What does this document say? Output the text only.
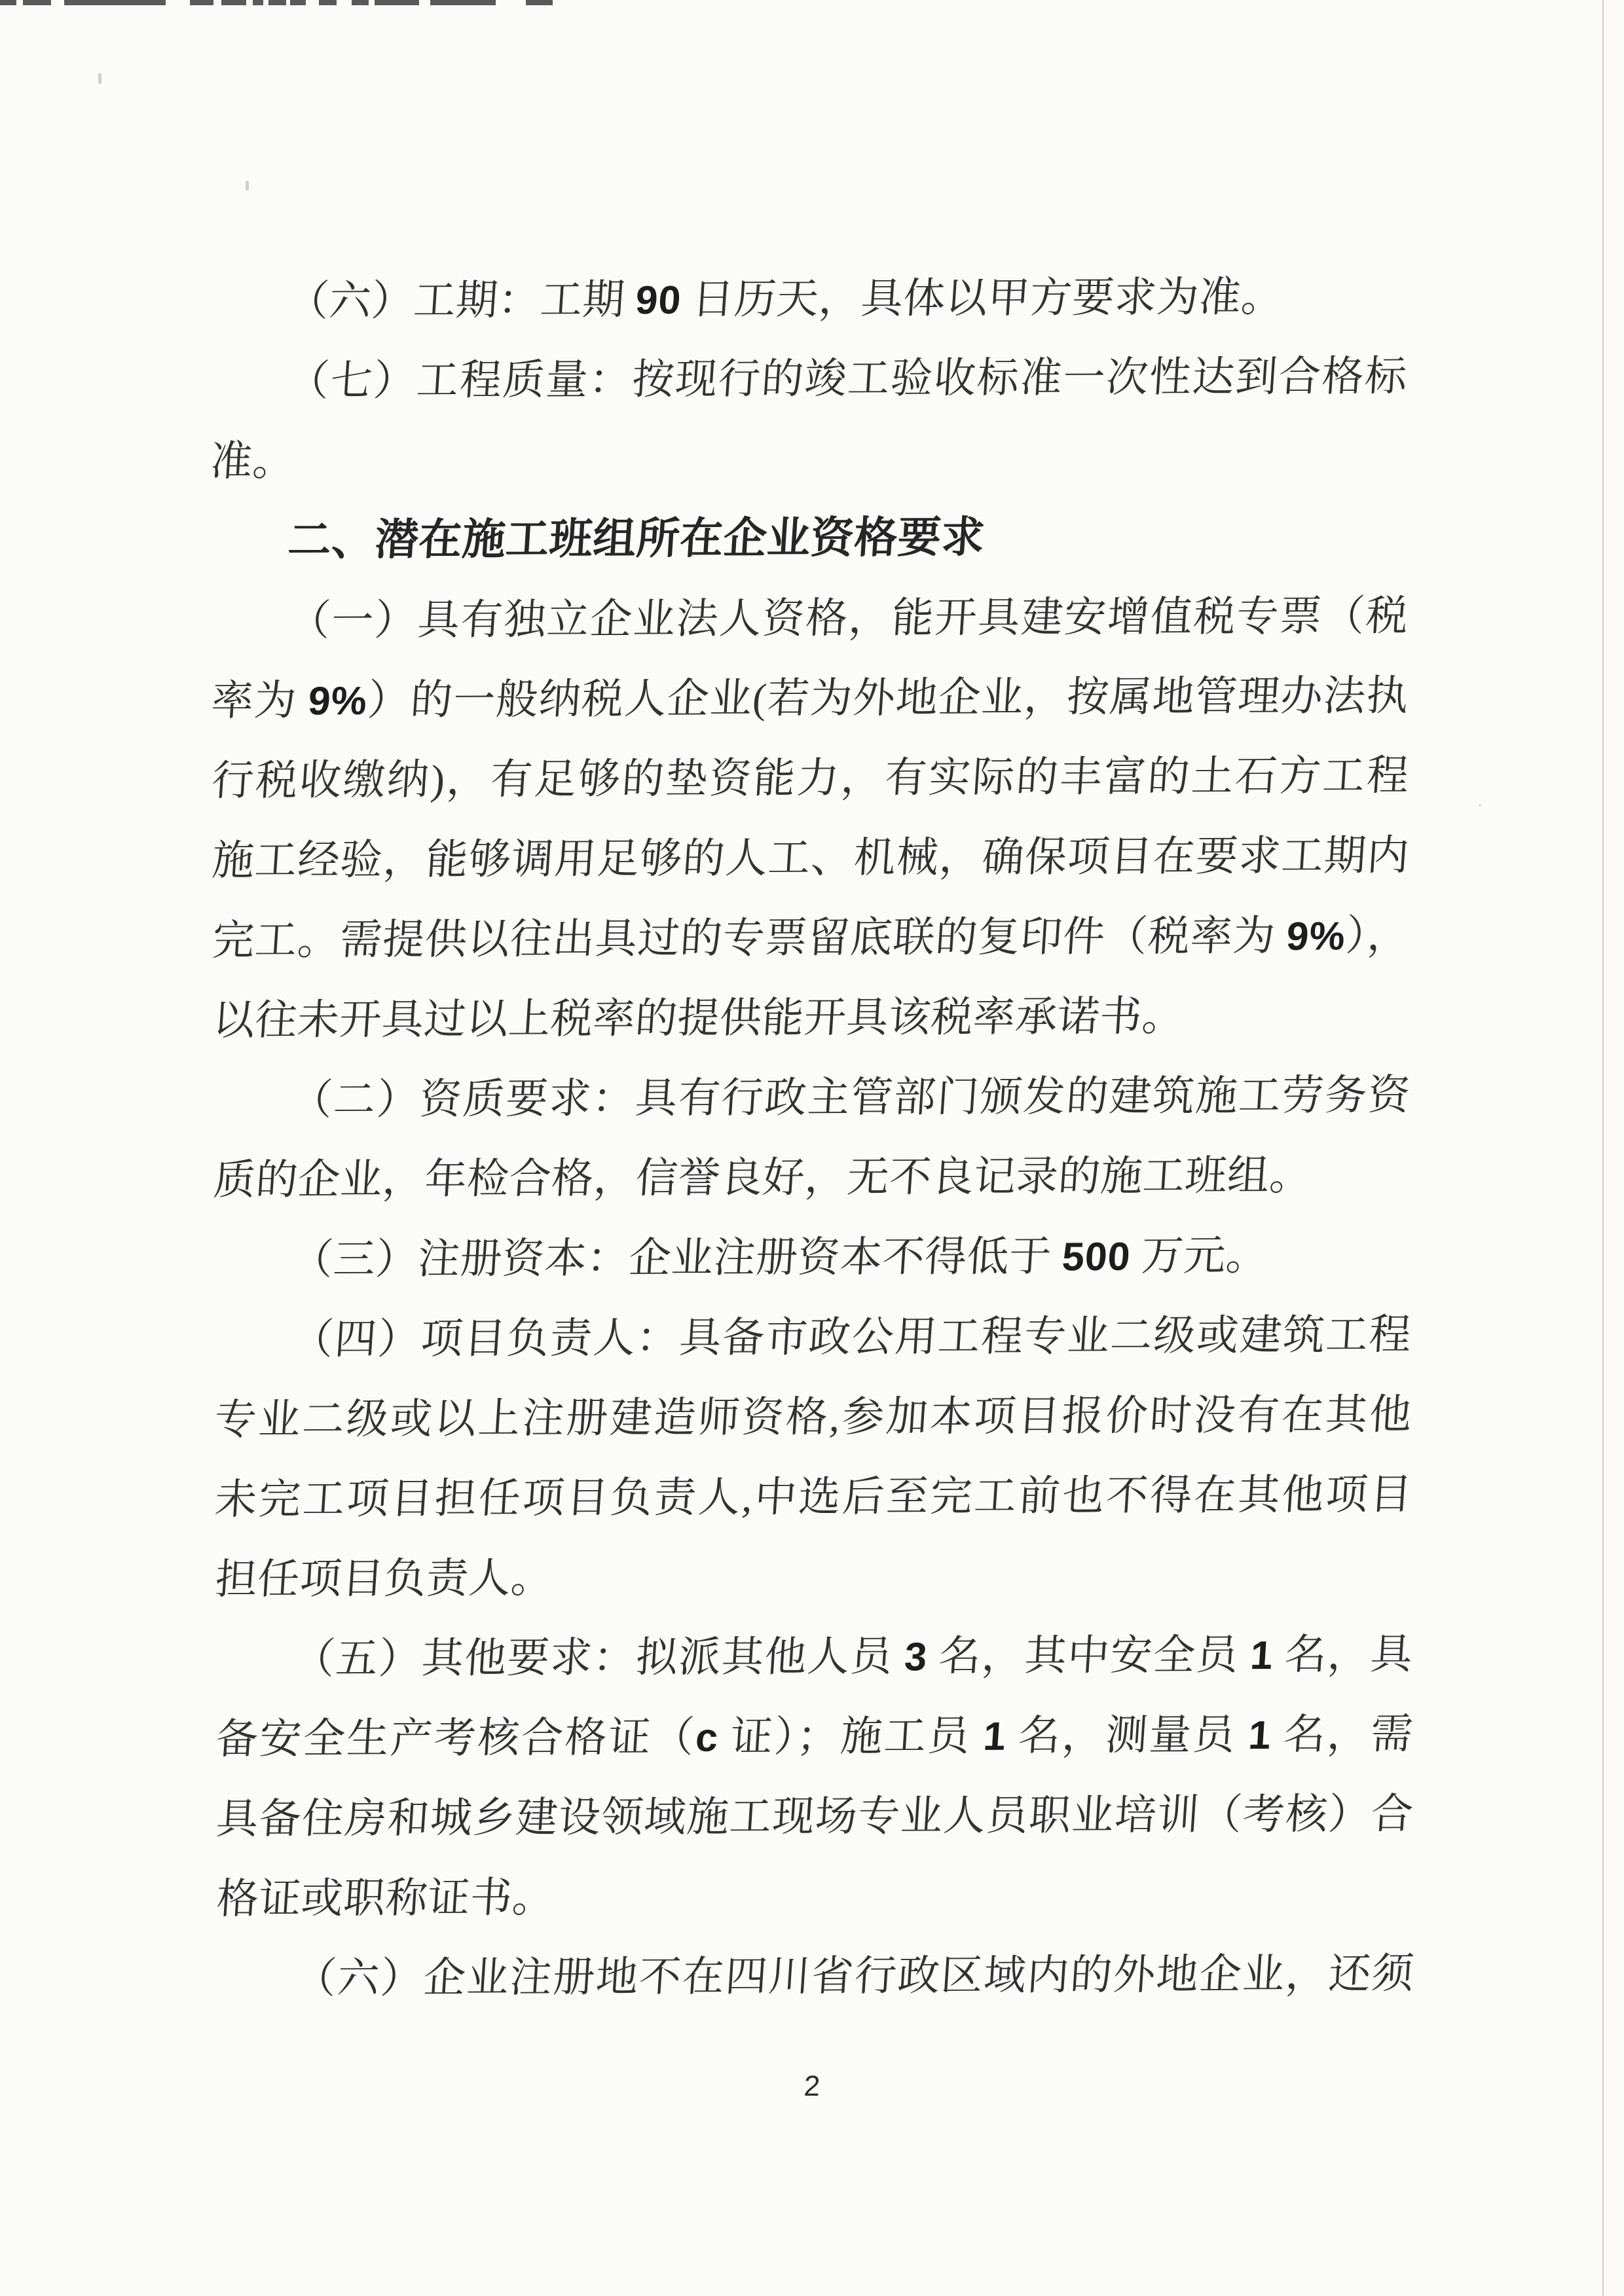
（六）工期：工期 90 日历天，具体以甲方要求为准。
（七）工程质量：按现行的竣工验收标准一次性达到合格标
准。
二、潜在施工班组所在企业资格要求
（一）具有独立企业法人资格，能开具建安增值税专票（税
率为 9%）的一般纳税人企业(若为外地企业，按属地管理办法执
行税收缴纳)，有足够的垫资能力，有实际的丰富的土石方工程
施工经验，能够调用足够的人工、机械，确保项目在要求工期内
完工。需提供以往出具过的专票留底联的复印件（税率为 9%），
以往未开具过以上税率的提供能开具该税率承诺书。
（二）资质要求：具有行政主管部门颁发的建筑施工劳务资
质的企业，年检合格，信誉良好，无不良记录的施工班组。
（三）注册资本：企业注册资本不得低于 500 万元。
（四）项目负责人：具备市政公用工程专业二级或建筑工程
专业二级或以上注册建造师资格,参加本项目报价时没有在其他
未完工项目担任项目负责人,中选后至完工前也不得在其他项目
担任项目负责人。
（五）其他要求：拟派其他人员 3 名，其中安全员 1 名，具
备安全生产考核合格证（c 证）；施工员 1 名，测量员 1 名，需
具备住房和城乡建设领域施工现场专业人员职业培训（考核）合
格证或职称证书。
（六）企业注册地不在四川省行政区域内的外地企业，还须
2
